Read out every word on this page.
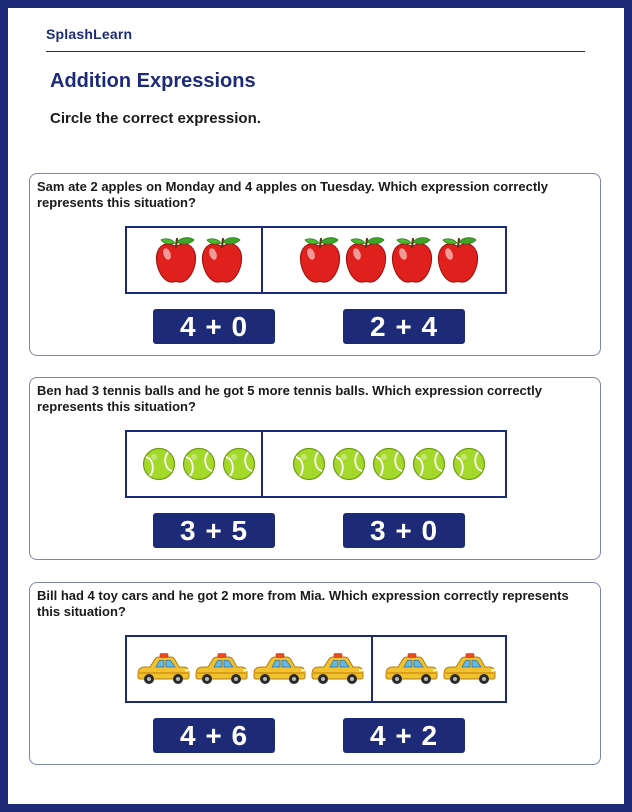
SplashLearn
Addition Expressions
Circle the correct expression.
Sam ate 2 apples on Monday and 4 apples on Tuesday. Which expression correctly represents this situation?
4 + 0	2 + 4
Ben had 3 tennis balls and he got 5 more tennis balls. Which expression correctly represents this situation?
3 + 5	3 + 0
Bill had 4 toy cars and he got 2 more from Mia. Which expression correctly represents this situation?
4 + 6	4 + 2
